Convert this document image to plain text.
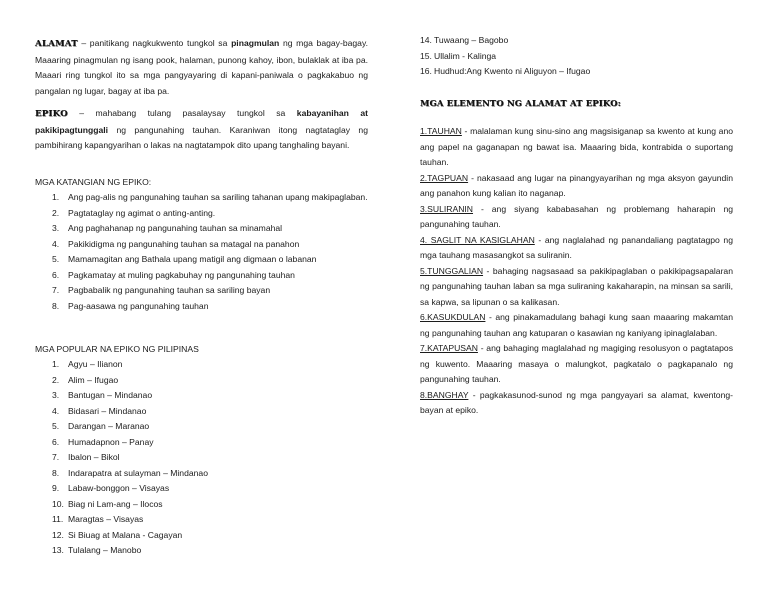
ALAMAT – panitikang nagkukwento tungkol sa pinagmulan ng mga bagay-bagay. Maaaring pinagmulan ng isang pook, halaman, punong kahoy, ibon, bulaklak at iba pa. Maaari ring tungkol ito sa mga pangyayaring di kapani-paniwala o pagkakabuo ng pangalan ng lugar, bagay at iba pa.

EPIKO – mahabang tulang pasalaysay tungkol sa kabayanihan at pakikipagtunggali ng pangunahing tauhan. Karaniwan itong nagtataglay ng pambihirang kapangyarihan o lakas na nagtatampok dito upang tanghaling bayani.

MGA KATANGIAN NG EPIKO:

1. Ang pag-alis ng pangunahing tauhan sa sariling tahanan upang makipaglaban.
2. Pagtataglay ng agimat o anting-anting.
3. Ang paghahanap ng pangunahing tauhan sa minamahal
4. Pakikidigma ng pangunahing tauhan sa matagal na panahon
5. Mamamagitan ang Bathala upang matigil ang digmaan o labanan
6. Pagkamatay at muling pagkabuhay ng pangunahing tauhan
7. Pagbabalik ng pangunahing tauhan sa sariling bayan
8. Pag-aasawa ng pangunahing tauhan

MGA POPULAR NA EPIKO NG PILIPINAS

1. Agyu – Ilianon
2. Alim – Ifugao
3. Bantugan – Mindanao
4. Bidasari – Mindanao
5. Darangan – Maranao
6. Humadapnon – Panay
7. Ibalon – Bikol
8. Indarapatra at sulayman – Mindanao
9. Labaw-bonggon – Visayas
10. Biag ni Lam-ang – Ilocos
11. Maragtas – Visayas
12. Si Biuag at Malana - Cagayan
13. Tulalang – Manobo
14. Tuwaang – Bagobo
15. Ullalim - Kalinga
16. Hudhud:Ang Kwento ni Aliguyon – Ifugao

MGA ELEMENTO NG ALAMAT AT EPIKO:

1.TAUHAN - malalaman kung sinu-sino ang magsisiganap sa kwento at kung ano ang papel na gaganapan ng bawat isa. Maaaring bida, kontrabida o suportang tauhan.

2.TAGPUAN - nakasaad ang lugar na pinangyayarihan ng mga aksyon gayundin ang panahon kung kalian ito naganap.

3.SULIRANIN - ang siyang kababasahan ng problemang haharapin ng pangunahing tauhan.

4. SAGLIT NA KASIGLAHAN - ang naglalahad ng panandaliang pagtatagpo ng mga tauhang masasangkot sa suliranin.

5.TUNGGALIAN - bahaging nagsasaad sa pakikipaglaban o pakikipagsapalaran ng pangunahing tauhan laban sa mga suliraning kakaharapin, na minsan sa sarili, sa kapwa, sa lipunan o sa kalikasan.

6.KASUKDULAN - ang pinakamadulang bahagi kung saan maaaring makamtan ng pangunahing tauhan ang katuparan o kasawian ng kaniyang ipinaglalaban.

7.KATAPUSAN - ang bahaging maglalahad ng magiging resolusyon o pagtatapos ng kuwento. Maaaring masaya o malungkot, pagkatalo o pagkapanalo ng pangunahing tauhan.

8.BANGHAY - pagkakasunod-sunod ng mga pangyayari sa alamat, kwentong-bayan at epiko.
